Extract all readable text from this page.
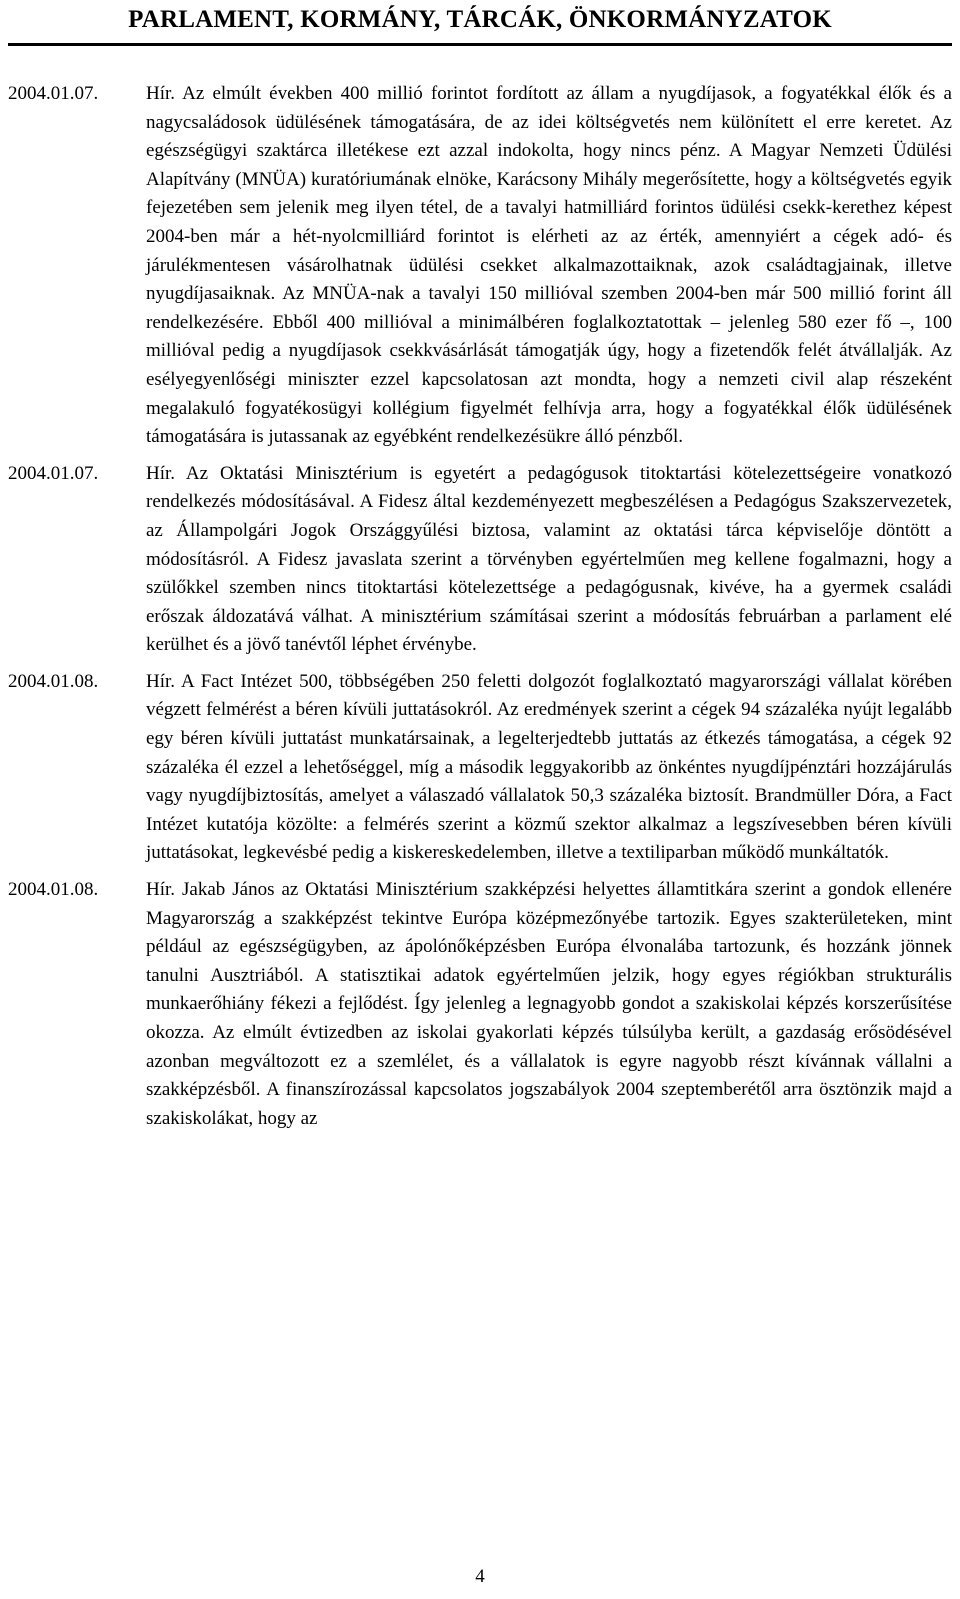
PARLAMENT, KORMÁNY, TÁRCÁK, ÖNKORMÁNYZATOK
2004.01.07.	Hír. Az elmúlt években 400 millió forintot fordított az állam a nyugdíjasok, a fogyatékkal élők és a nagycsaládosok üdülésének támogatására, de az idei költségvetés nem különített el erre keretet. Az egészségügyi szaktárca illetékese ezt azzal indokolta, hogy nincs pénz. A Magyar Nemzeti Üdülési Alapítvány (MNÜA) kuratóriumának elnöke, Karácsony Mihály megerősítette, hogy a költségvetés egyik fejezetében sem jelenik meg ilyen tétel, de a tavalyi hatmilliárd forintos üdülési csekk-kerethez képest 2004-ben már a hét-nyolcmilliárd forintot is elérheti az az érték, amennyiért a cégek adó- és járulékmentesen vásárolhatnak üdülési csekket alkalmazottaiknak, azok családtagjainak, illetve nyugdíjasaiknak. Az MNÜA-nak a tavalyi 150 millióval szemben 2004-ben már 500 millió forint áll rendelkezésére. Ebből 400 millióval a minimálbéren foglalkoztatottak – jelenleg 580 ezer fő –, 100 millióval pedig a nyugdíjasok csekkvásárlását támogatják úgy, hogy a fizetendők felét átvállalják. Az esélyegyenlőségi miniszter ezzel kapcsolatosan azt mondta, hogy a nemzeti civil alap részeként megalakuló fogyatékosügyi kollégium figyelmét felhívja arra, hogy a fogyatékkal élők üdülésének támogatására is jutassanak az egyébként rendelkezésükre álló pénzből.
2004.01.07.	Hír. Az Oktatási Minisztérium is egyetért a pedagógusok titoktartási kötelezettségeire vonatkozó rendelkezés módosításával. A Fidesz által kezdeményezett megbeszélésen a Pedagógus Szakszervezetek, az Állampolgári Jogok Országgyűlési biztosa, valamint az oktatási tárca képviselője döntött a módosításról. A Fidesz javaslata szerint a törvényben egyértelműen meg kellene fogalmazni, hogy a szülőkkel szemben nincs titoktartási kötelezettsége a pedagógusnak, kivéve, ha a gyermek családi erőszak áldozatává válhat. A minisztérium számításai szerint a módosítás februárban a parlament elé kerülhet és a jövő tanévtől léphet érvénybe.
2004.01.08.	Hír. A Fact Intézet 500, többségében 250 feletti dolgozót foglalkoztató magyarországi vállalat körében végzett felmérést a béren kívüli juttatásokról. Az eredmények szerint a cégek 94 százaléka nyújt legalább egy béren kívüli juttatást munkatársainak, a legelterjedtebb juttatás az étkezés támogatása, a cégek 92 százaléka él ezzel a lehetőséggel, míg a második leggyakoribb az önkéntes nyugdíjpénztári hozzájárulás vagy nyugdíjbiztosítás, amelyet a válaszadó vállalatok 50,3 százaléka biztosít. Brandmüller Dóra, a Fact Intézet kutatója közölte: a felmérés szerint a közmű szektor alkalmaz a legszívesebben béren kívüli juttatásokat, legkevésbé pedig a kiskereskedelemben, illetve a textiliparban működő munkáltatók.
2004.01.08.	Hír. Jakab János az Oktatási Minisztérium szakképzési helyettes államtitkára szerint a gondok ellenére Magyarország a szakképzést tekintve Európa középmezőnyébe tartozik. Egyes szakterületeken, mint például az egészségügyben, az ápolónőképzésben Európa élvonalába tartozunk, és hozzánk jönnek tanulni Ausztriából. A statisztikai adatok egyértelműen jelzik, hogy egyes régiókban strukturális munkaerőhiány fékezi a fejlődést. Így jelenleg a legnagyobb gondot a szakiskolai képzés korszerűsítése okozza. Az elmúlt évtizedben az iskolai gyakorlati képzés túlsúlyba került, a gazdaság erősödésével azonban megváltozott ez a szemlélet, és a vállalatok is egyre nagyobb részt kívánnak vállalni a szakképzésből. A finanszírozással kapcsolatos jogszabályok 2004 szeptemberétől arra ösztönzik majd a szakiskolákat, hogy az
4
